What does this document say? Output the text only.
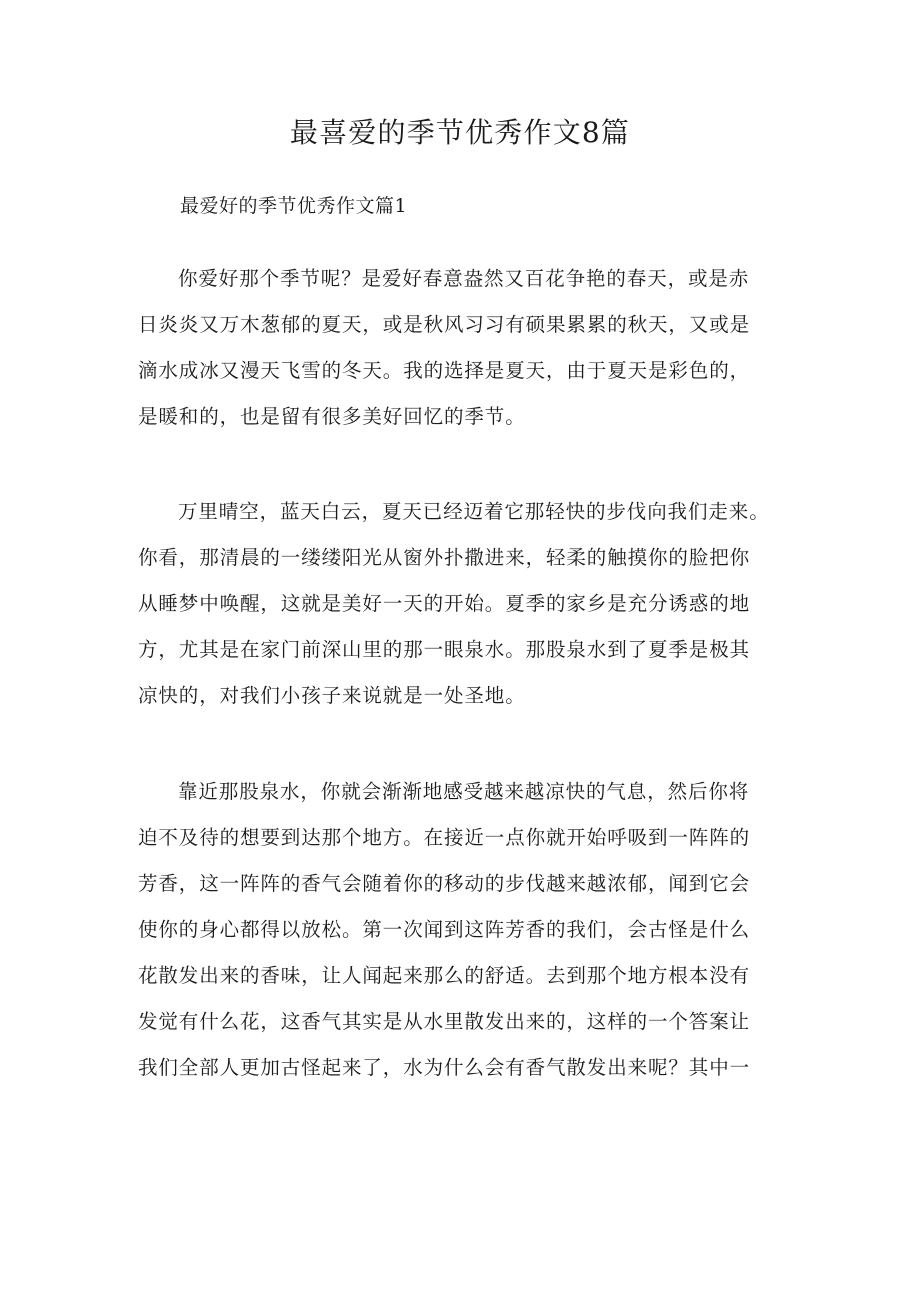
最喜爱的季节优秀作文8篇
最爱好的季节优秀作文篇1

你爱好那个季节呢？是爱好春意盎然又百花争艳的春天，或是赤
日炎炎又万木葱郁的夏天，或是秋风习习有硕果累累的秋天，又或是
滴水成冰又漫天飞雪的冬天。我的选择是夏天，由于夏天是彩色的，
是暖和的，也是留有很多美好回忆的季节。

万里晴空，蓝天白云，夏天已经迈着它那轻快的步伐向我们走来。
你看，那清晨的一缕缕阳光从窗外扑撒进来，轻柔的触摸你的脸把你
从睡梦中唤醒，这就是美好一天的开始。夏季的家乡是充分诱惑的地
方，尤其是在家门前深山里的那一眼泉水。那股泉水到了夏季是极其
凉快的，对我们小孩子来说就是一处圣地。

靠近那股泉水，你就会渐渐地感受越来越凉快的气息，然后你将
迫不及待的想要到达那个地方。在接近一点你就开始呼吸到一阵阵的
芳香，这一阵阵的香气会随着你的移动的步伐越来越浓郁，闻到它会
使你的身心都得以放松。第一次闻到这阵芳香的我们，会古怪是什么
花散发出来的香味，让人闻起来那么的舒适。去到那个地方根本没有
发觉有什么花，这香气其实是从水里散发出来的，这样的一个答案让
我们全部人更加古怪起来了，水为什么会有香气散发出来呢？其中一
